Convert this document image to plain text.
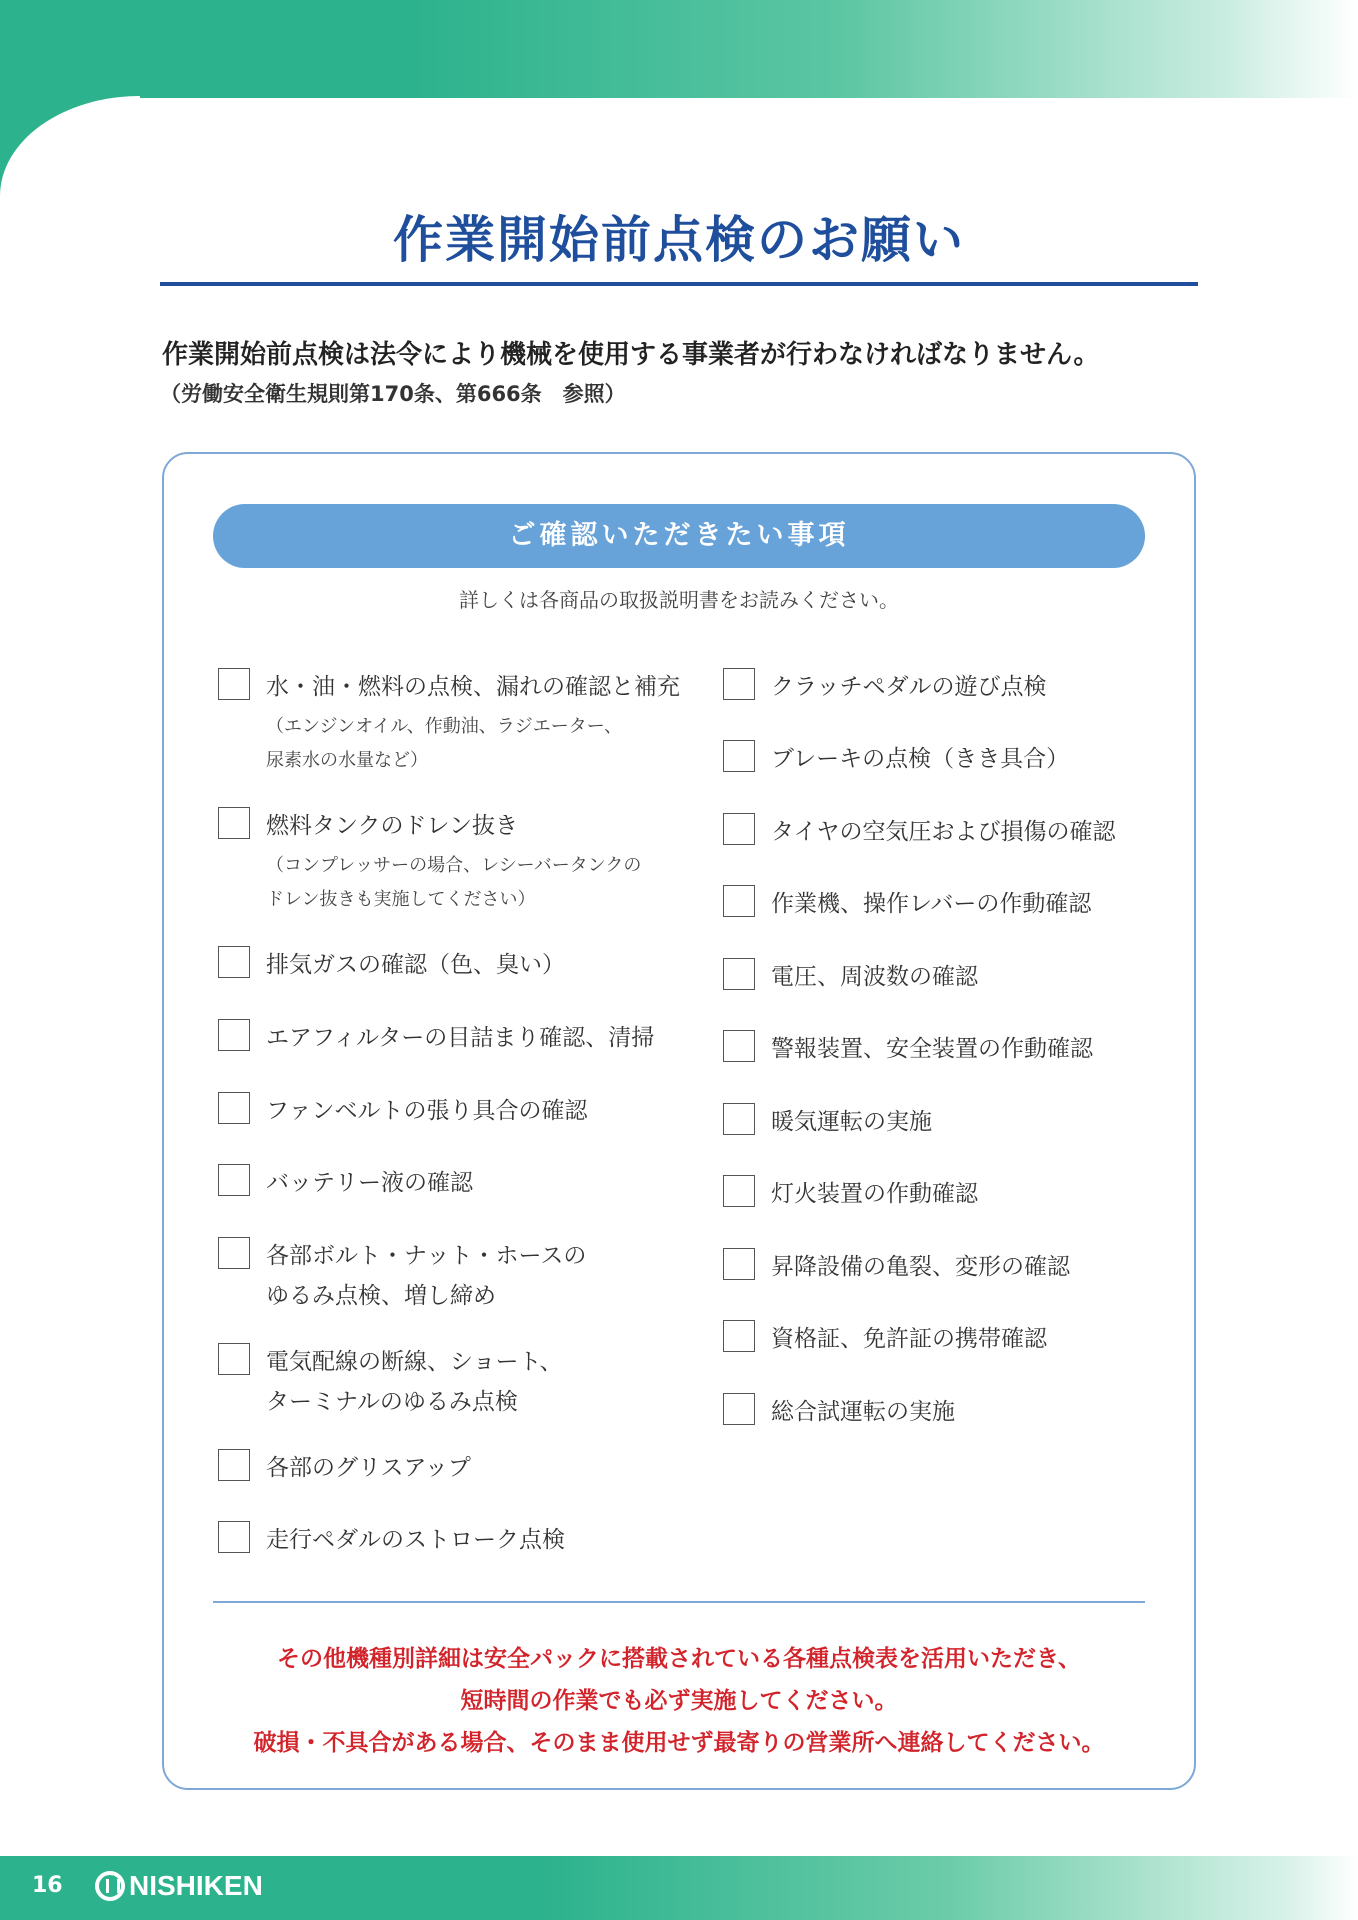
作業開始前点検のお願い
作業開始前点検は法令により機械を使用する事業者が行わなければなりません。
（労働安全衛生規則第170条、第666条　参照）
ご確認いただきたい事項
詳しくは各商品の取扱説明書をお読みください。
水・油・燃料の点検、漏れの確認と補充
（エンジンオイル、作動油、ラジエーター、
尿素水の水量など）
燃料タンクのドレン抜き
（コンプレッサーの場合、レシーバータンクの
ドレン抜きも実施してください）
排気ガスの確認（色、臭い）
エアフィルターの目詰まり確認、清掃
ファンベルトの張り具合の確認
バッテリー液の確認
各部ボルト・ナット・ホースの
ゆるみ点検、増し締め
電気配線の断線、ショート、
ターミナルのゆるみ点検
各部のグリスアップ
走行ペダルのストローク点検
クラッチペダルの遊び点検
ブレーキの点検（きき具合）
タイヤの空気圧および損傷の確認
作業機、操作レバーの作動確認
電圧、周波数の確認
警報装置、安全装置の作動確認
暖気運転の実施
灯火装置の作動確認
昇降設備の亀裂、変形の確認
資格証、免許証の携帯確認
総合試運転の実施
その他機種別詳細は安全パックに搭載されている各種点検表を活用いただき、
短時間の作業でも必ず実施してください。
破損・不具合がある場合、そのまま使用せず最寄りの営業所へ連絡してください。
16 NISHIKEN
